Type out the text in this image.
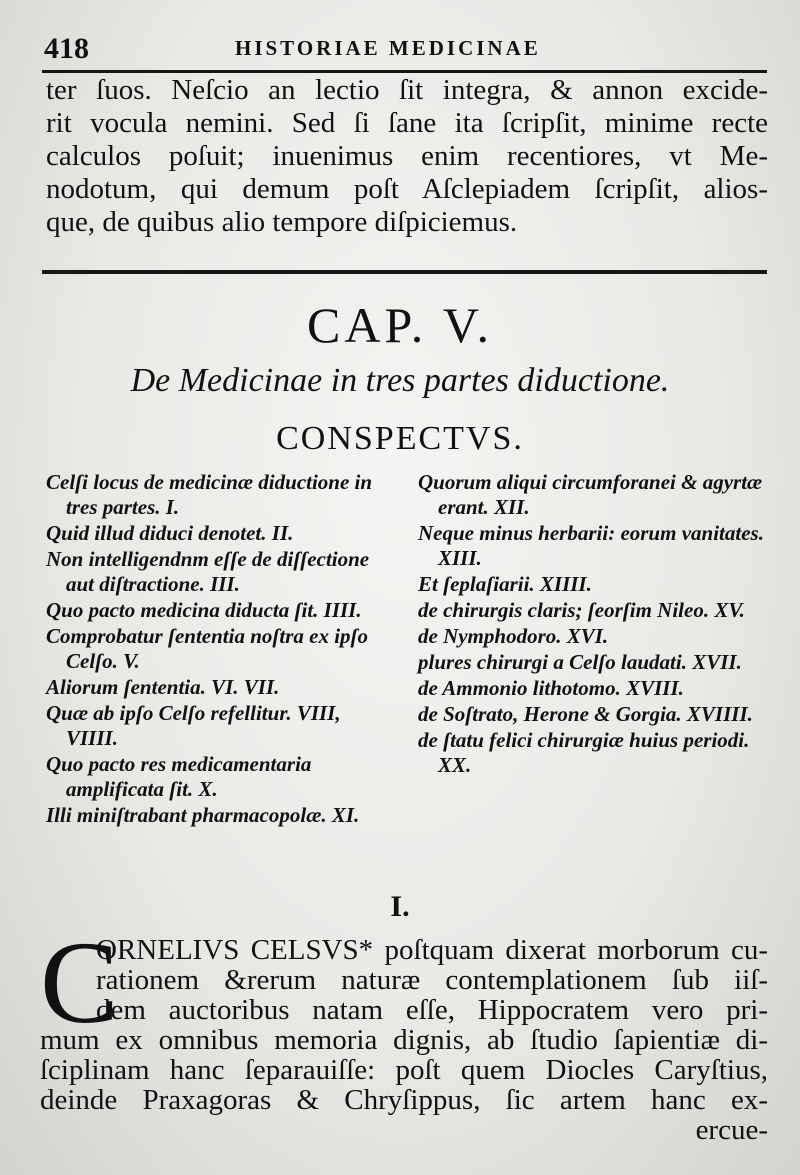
418	HISTORIAE MEDICINAE
ter ſuos. Neſcio an lectio ſit integra, & annon excide-
rit vocula nemini. Sed ſi ſane ita ſcripſit, minime recte
calculos poſuit; inuenimus enim recentiores, vt Me-
nodotum, qui demum poſt Aſclepiadem ſcripſit, alios-
que, de quibus alio tempore diſpiciemus.
CAP. V.
De Medicinae in tres partes diductione.
CONSPECTVS.
Celſi locus de medicinæ diductione in tres partes. I.
Quid illud diduci denotet. II.
Non intelligendnm eſſe de diſſectione aut diſtractione. III.
Quo pacto medicina diducta ſit. IIII.
Comprobatur ſententia noſtra ex ipſo Celſo. V.
Aliorum ſententia. VI. VII.
Quæ ab ipſo Celſo refellitur. VIII, VIIII.
Quo pacto res medicamentaria amplificata ſit. X.
Illi miniſtrabant pharmacopolæ. XI.
Quorum aliqui circumforanei & agyrtæ erant. XII.
Neque minus herbarii: eorum vanitates. XIII.
Et ſeplaſiarii. XIIII.
de chirurgis claris; ſeorſim Nileo. XV.
de Nymphodoro. XVI.
plures chirurgi a Celſo laudati. XVII.
de Ammonio lithotomo. XVIII.
de Soſtrato, Herone & Gorgia. XVIIII.
de ſtatu felici chirurgiæ huius periodi. XX.
I.
C
ORNELIVS CELSVS* poſtquam dixerat morborum cu-
rationem &rerum naturæ contemplationem ſub iiſ-
dem auctoribus natam eſſe, Hippocratem vero pri-
mum ex omnibus memoria dignis, ab ſtudio ſapientiæ di-
ſciplinam hanc ſeparauiſſe: poſt quem Diocles Caryſtius,
deinde Praxagoras & Chryſippus, ſic artem hanc ex-
ercue-
